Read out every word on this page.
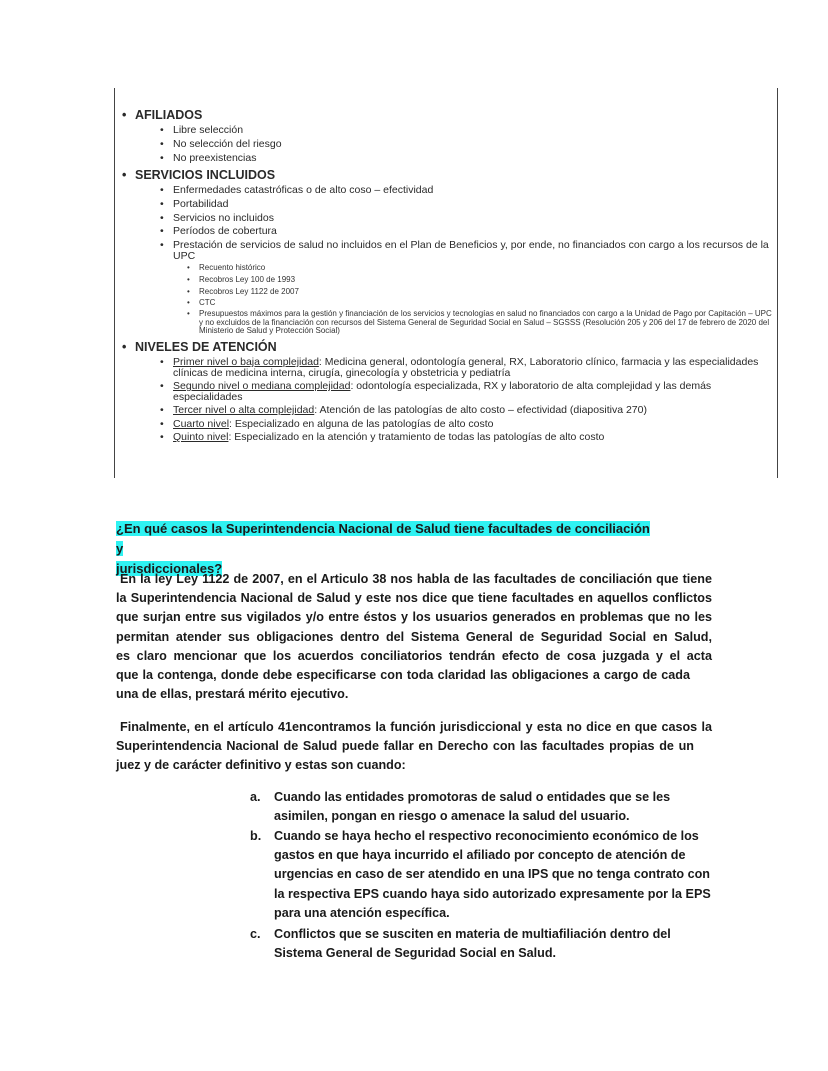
• AFILIADOS
• Libre selección
• No selección del riesgo
• No preexistencias
• SERVICIOS INCLUIDOS
• Enfermedades catastróficas o de alto coso – efectividad
• Portabilidad
• Servicios no incluidos
• Períodos de cobertura
• Prestación de servicios de salud no incluidos en el Plan de Beneficios y, por ende, no financiados con cargo a los recursos de la UPC
• Recuento histórico
• Recobros Ley 100 de 1993
• Recobros Ley 1122 de 2007
• CTC
• Presupuestos máximos para la gestión y financiación de los servicios y tecnologías en salud no financiados con cargo a la Unidad de Pago por Capitación – UPC y no excluidos de la financiación con recursos del Sistema General de Seguridad Social en Salud – SGSSS (Resolución 205 y 206 del 17 de febrero de 2020 del Ministerio de Salud y Protección Social)
• NIVELES DE ATENCIÓN
• Primer nivel o baja complejidad: Medicina general, odontología general, RX, Laboratorio clínico, farmacia y las especialidades clínicas de medicina interna, cirugía, ginecología y obstetricia y pediatría
• Segundo nivel o mediana complejidad: odontología especializada, RX y laboratorio de alta complejidad y las demás especialidades
• Tercer nivel o alta complejidad: Atención de las patologías de alto costo – efectividad (diapositiva 270)
• Cuarto nivel: Especializado en alguna de las patologías de alto costo
• Quinto nivel: Especializado en la atención y tratamiento de todas las patologías de alto costo
¿En qué casos la Superintendencia Nacional de Salud tiene facultades de conciliación y
jurisdiccionales?
En la ley Ley 1122 de 2007, en el Articulo 38 nos habla de las facultades de conciliación que tiene
la Superintendencia Nacional de Salud y este nos dice que tiene facultades en aquellos conflictos
que surjan entre sus vigilados y/o entre éstos y los usuarios generados en problemas que no les
permitan atender sus obligaciones dentro del Sistema General de Seguridad Social en Salud,
es claro mencionar que los acuerdos conciliatorios tendrán efecto de cosa juzgada y el acta
que la contenga, donde debe especificarse con toda claridad las obligaciones a cargo de cada
una de ellas, prestará mérito ejecutivo.
Finalmente, en el artículo 41encontramos la función jurisdiccional y esta no dice en que casos la
Superintendencia Nacional de Salud puede fallar en Derecho con las facultades propias de un
juez y de carácter definitivo y estas son cuando:
a. Cuando las entidades promotoras de salud o entidades que se les asimilen, pongan en riesgo o amenace la salud del usuario.
b. Cuando se haya hecho el respectivo reconocimiento económico de los gastos en que haya incurrido el afiliado por concepto de atención de urgencias en caso de ser atendido en una IPS que no tenga contrato con la respectiva EPS cuando haya sido autorizado expresamente por la EPS para una atención específica.
c. Conflictos que se susciten en materia de multiafiliación dentro del Sistema General de Seguridad Social en Salud.
